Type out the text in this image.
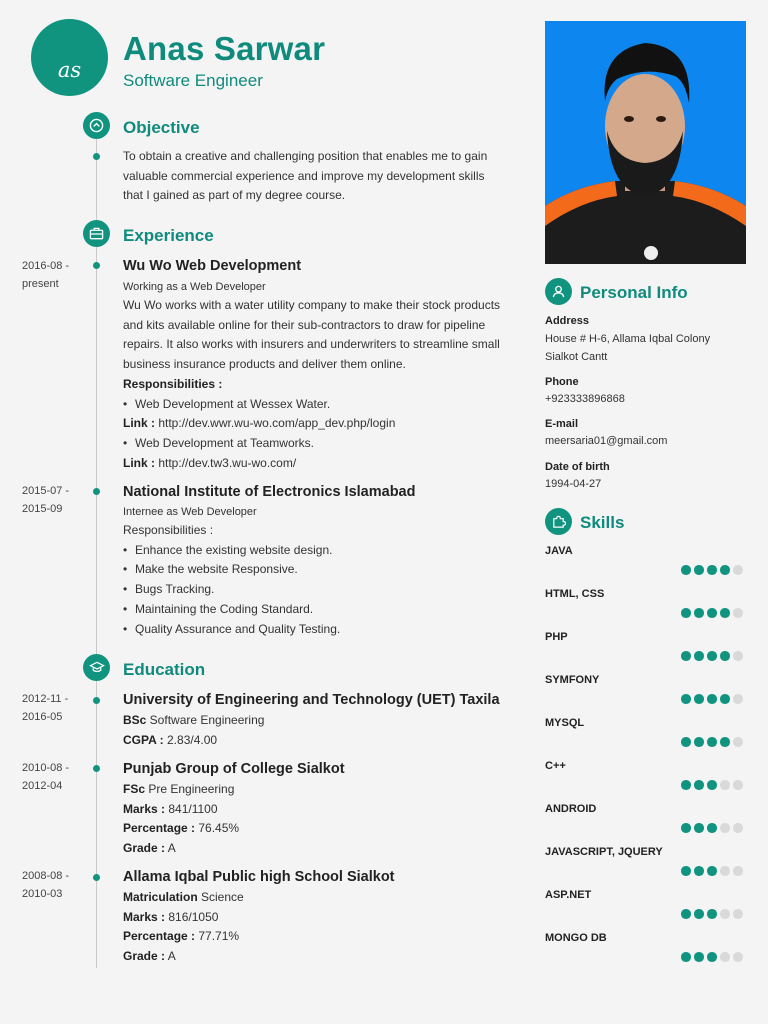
as
Anas Sarwar
Software Engineer
Objective
To obtain a creative and challenging position that enables me to gain
valuable commercial experience and improve my development skills
that I gained as part of my degree course.
Experience
2016-08 -
present
Wu Wo Web Development
Working as a Web Developer
Wu Wo works with a water utility company to make their stock products
and kits available online for their sub-contractors to draw for pipeline
repairs. It also works with insurers and underwriters to streamline small
business insurance products and deliver them online.
Responsibilities :
• Web Development at Wessex Water.
Link : http://dev.wwr.wu-wo.com/app_dev.php/login
• Web Development at Teamworks.
Link : http://dev.tw3.wu-wo.com/
2015-07 -
2015-09
National Institute of Electronics Islamabad
Internee as Web Developer
Responsibilities :
• Enhance the existing website design.
• Make the website Responsive.
• Bugs Tracking.
• Maintaining the Coding Standard.
• Quality Assurance and Quality Testing.
Education
2012-11 -
2016-05
University of Engineering and Technology (UET) Taxila
BSc Software Engineering
CGPA : 2.83/4.00
2010-08 -
2012-04
Punjab Group of College Sialkot
FSc Pre Engineering
Marks : 841/1100
Percentage : 76.45%
Grade : A
2008-08 -
2010-03
Allama Iqbal Public high School Sialkot
Matriculation Science
Marks : 816/1050
Percentage : 77.71%
Grade : A
Personal Info
Address
House # H-6, Allama Iqbal Colony
Sialkot Cantt
Phone
+923333896868
E-mail
meersaria01@gmail.com
Date of birth
1994-04-27
Skills
JAVA
HTML, CSS
PHP
SYMFONY
MYSQL
C++
ANDROID
JAVASCRIPT, JQUERY
ASP.NET
MONGO DB
